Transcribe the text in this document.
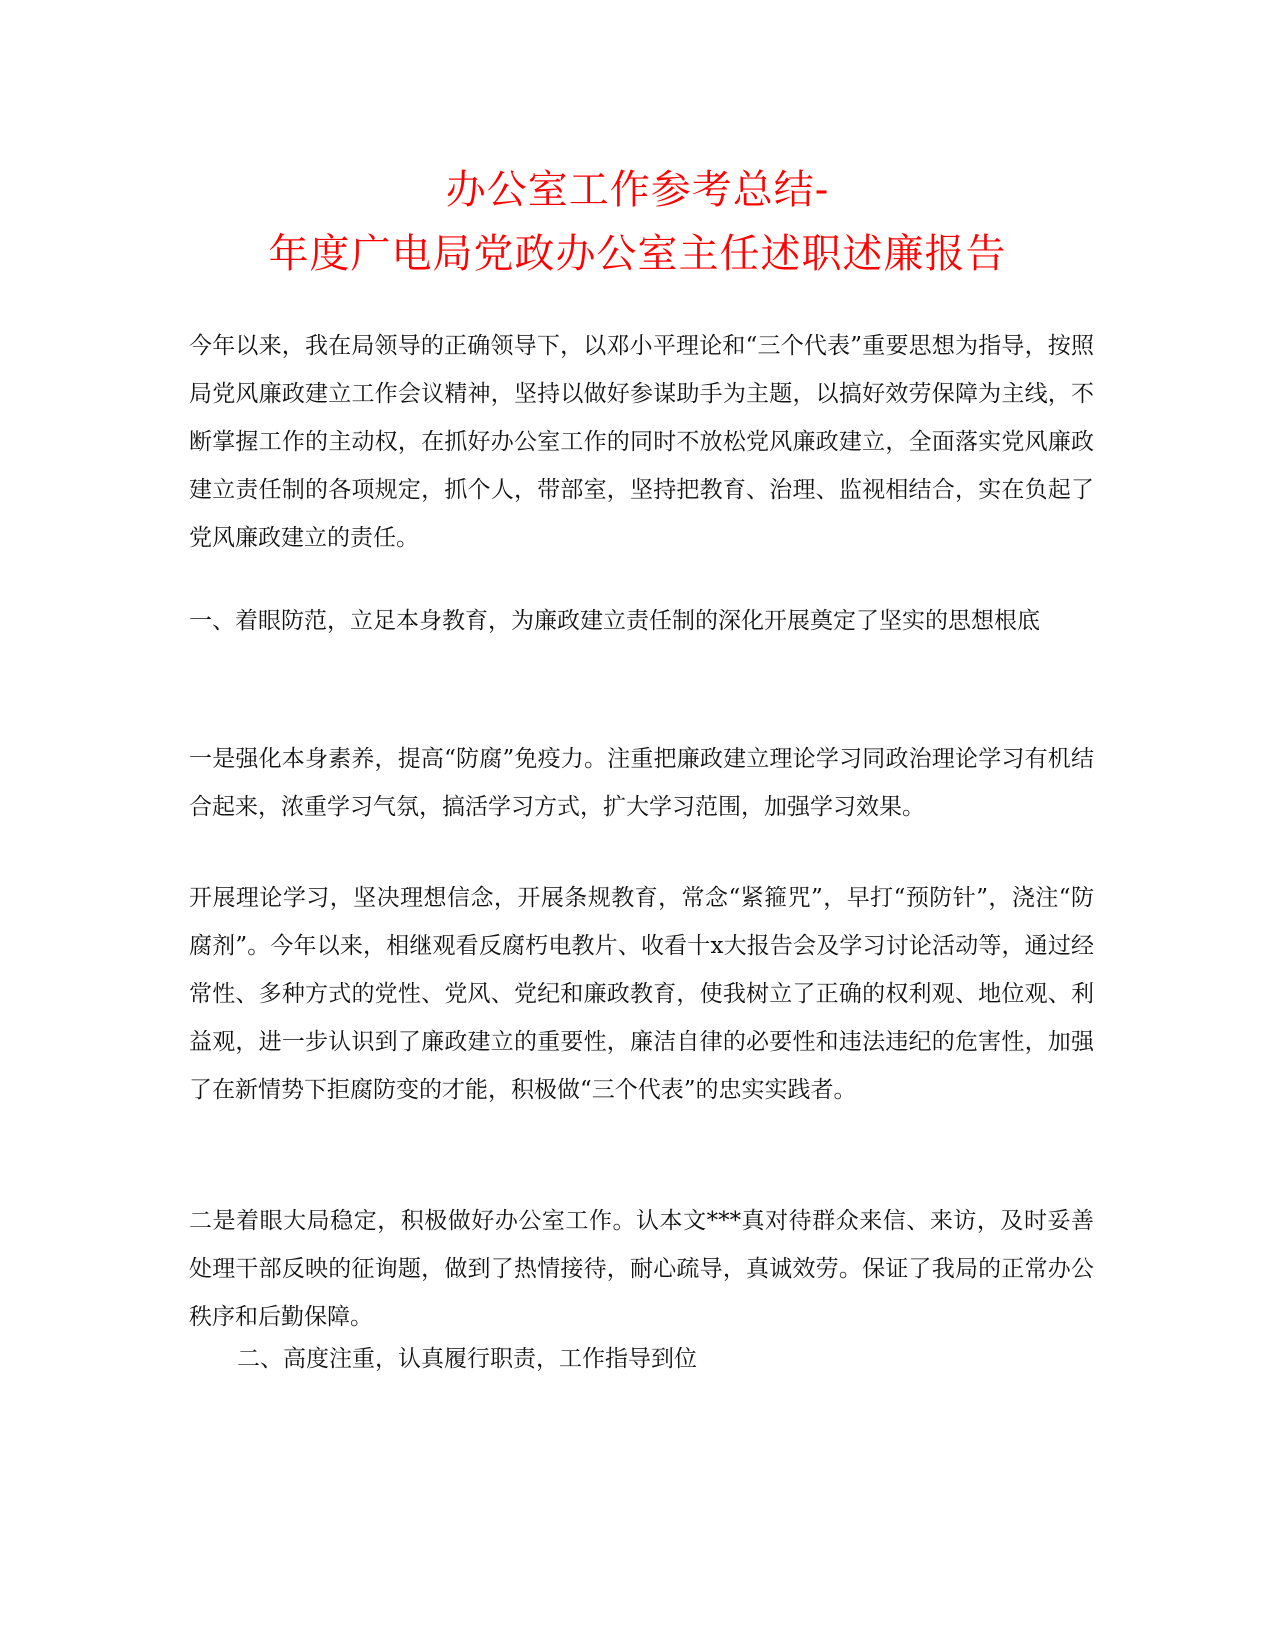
办公室工作参考总结-
年度广电局党政办公室主任述职述廉报告

今年以来，我在局领导的正确领导下，以邓小平理论和“三个代表”重要思想为指导，按照局党风廉政建立工作会议精神，坚持以做好参谋助手为主题，以搞好效劳保障为主线，不断掌握工作的主动权，在抓好办公室工作的同时不放松党风廉政建立，全面落实党风廉政建立责任制的各项规定，抓个人，带部室，坚持把教育、治理、监视相结合，实在负起了党风廉政建立的责任。

一、着眼防范，立足本身教育，为廉政建立责任制的深化开展奠定了坚实的思想根底

一是强化本身素养，提高“防腐”免疫力。注重把廉政建立理论学习同政治理论学习有机结合起来，浓重学习气氛，搞活学习方式，扩大学习范围，加强学习效果。

开展理论学习，坚决理想信念，开展条规教育，常念“紧箍咒”，早打“预防针”，浇注“防腐剂”。今年以来，相继观看反腐朽电教片、收看十x大报告会及学习讨论活动等，通过经常性、多种方式的党性、党风、党纪和廉政教育，使我树立了正确的权利观、地位观、利益观，进一步认识到了廉政建立的重要性，廉洁自律的必要性和违法违纪的危害性，加强了在新情势下拒腐防变的才能，积极做“三个代表”的忠实实践者。

二是着眼大局稳定，积极做好办公室工作。认本文***真对待群众来信、来访，及时妥善处理干部反映的征询题，做到了热情接待，耐心疏导，真诚效劳。保证了我局的正常办公秩序和后勤保障。

二、高度注重，认真履行职责，工作指导到位
